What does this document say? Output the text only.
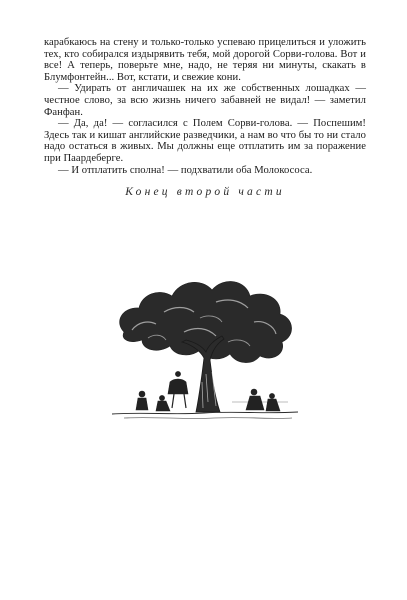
карабкаюсь на стену и только-только успеваю прицелиться и уложить тех, кто собирался издырявить тебя, мой дорогой Сорви-голова. Вот и все! А теперь, поверьте мне, надо, не теряя ни минуты, скакать в Блумфонтейн... Вот, кстати, и свежие кони.

— Удирать от англичашек на их же собственных лошадках — честное слово, за всю жизнь ничего забавней не видал! — заметил Фанфан.

— Да, да! — согласился с Полем Сорви-голова. — Поспешим! Здесь так и кишат английские разведчики, а нам во что бы то ни стало надо остаться в живых. Мы должны еще отплатить им за поражение при Паардеберге.

— И отплатить сполна! — подхватили оба Молокососа.

Конец второй части
